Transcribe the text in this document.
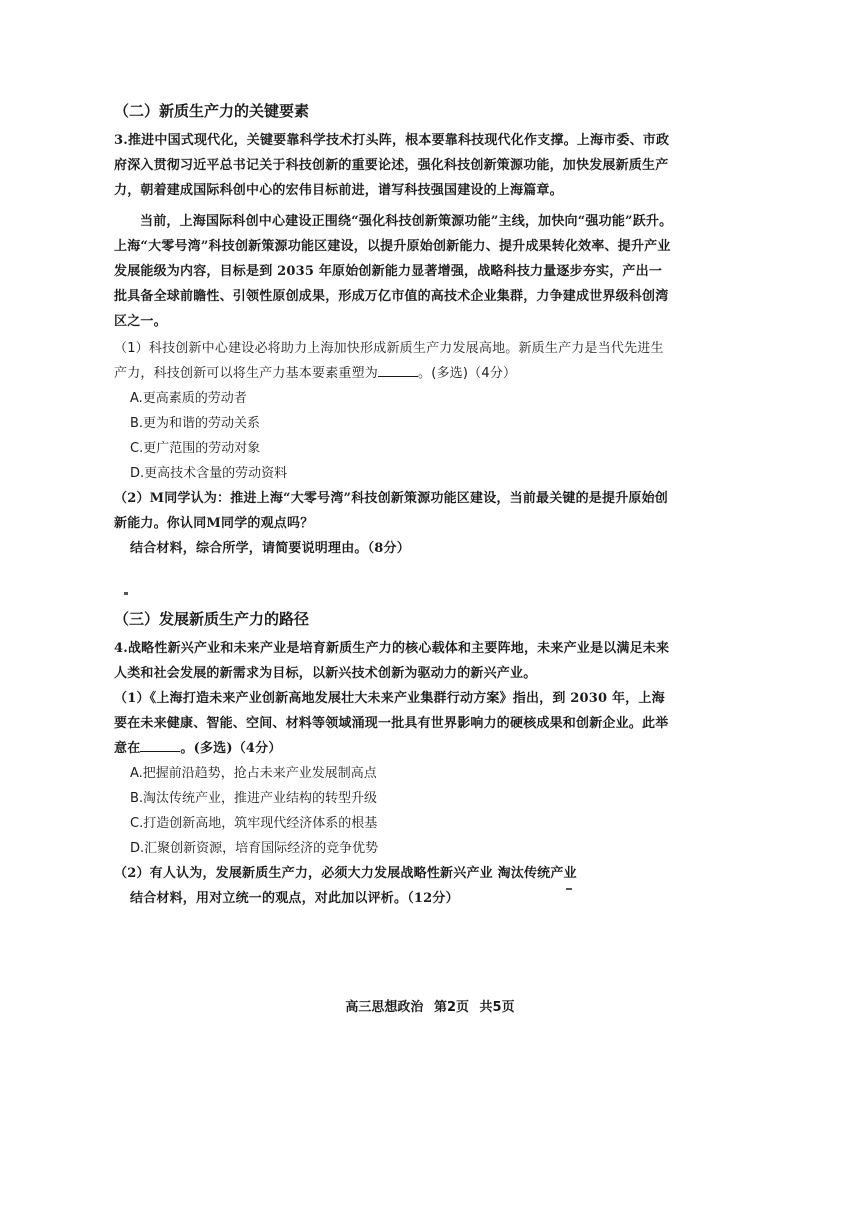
（二）新质生产力的关键要素

3.推进中国式现代化，关键要靠科学技术打头阵，根本要靠科技现代化作支撑。上海市委、市政府深入贯彻习近平总书记关于科技创新的重要论述，强化科技创新策源功能，加快发展新质生产力，朝着建成国际科创中心的宏伟目标前进，谱写科技强国建设的上海篇章。

当前，上海国际科创中心建设正围绕“强化科技创新策源功能”主线，加快向“强功能”跃升。上海“大零号湾”科技创新策源功能区建设，以提升原始创新能力、提升成果转化效率、提升产业发展能级为内容，目标是到 2035 年原始创新能力显著增强，战略科技力量逐步夯实，产出一批具备全球前瞻性、引领性原创成果，形成万亿市值的高技术企业集群，力争建成世界级科创湾区之一。

（1）科技创新中心建设必将助力上海加快形成新质生产力发展高地。新质生产力是当代先进生产力，科技创新可以将生产力基本要素重塑为	。(多选)（4分）

A.更高素质的劳动者

B.更为和谐的劳动关系

C.更广范围的劳动对象

D.更高技术含量的劳动资料

（2）M同学认为：推进上海“大零号湾”科技创新策源功能区建设，当前最关键的是提升原始创新能力。你认同M同学的观点吗？

结合材料，综合所学，请简要说明理由。（8分）

（三）发展新质生产力的路径

4.战略性新兴产业和未来产业是培育新质生产力的核心载体和主要阵地，未来产业是以满足未来人类和社会发展的新需求为目标，以新兴技术创新为驱动力的新兴产业。

（1）《上海打造未来产业创新高地发展壮大未来产业集群行动方案》指出，到 2030 年，上海要在未来健康、智能、空间、材料等领域涌现一批具有世界影响力的硬核成果和创新企业。此举意在	。(多选)（4分）

A.把握前沿趋势，抢占未来产业发展制高点

B.淘汰传统产业，推进产业结构的转型升级

C.打造创新高地，筑牢现代经济体系的根基

D.汇聚创新资源，培育国际经济的竞争优势

（2）有人认为，发展新质生产力，必须大力发展战略性新兴产业 淘汰传统产业

结合材料，用对立统一的观点，对此加以评析。（12分）

高三思想政治 第2页 共5页
